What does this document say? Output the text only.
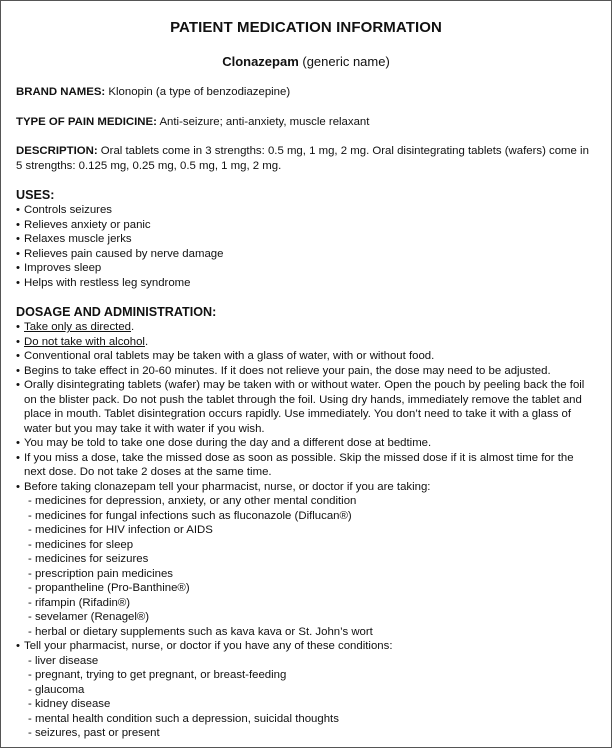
PATIENT MEDICATION INFORMATION
Clonazepam (generic name)

BRAND NAMES: Klonopin (a type of benzodiazepine)

TYPE OF PAIN MEDICINE: Anti-seizure; anti-anxiety, muscle relaxant

DESCRIPTION: Oral tablets come in 3 strengths: 0.5 mg, 1 mg, 2 mg. Oral disintegrating tablets (wafers) come in 5 strengths: 0.125 mg, 0.25 mg, 0.5 mg, 1 mg, 2 mg.

USES:
• Controls seizures
• Relieves anxiety or panic
• Relaxes muscle jerks
• Relieves pain caused by nerve damage
• Improves sleep
• Helps with restless leg syndrome
DOSAGE AND ADMINISTRATION:
• Take only as directed.
• Do not take with alcohol.
• Conventional oral tablets may be taken with a glass of water, with or without food.
• Begins to take effect in 20-60 minutes. If it does not relieve your pain, the dose may need to be adjusted.
• Orally disintegrating tablets (wafer) may be taken with or without water. Open the pouch by peeling back the foil on the blister pack. Do not push the tablet through the foil. Using dry hands, immediately remove the tablet and place in mouth. Tablet disintegration occurs rapidly. Use immediately. You don’t need to take it with a glass of water but you may take it with water if you wish.
• You may be told to take one dose during the day and a different dose at bedtime.
• If you miss a dose, take the missed dose as soon as possible. Skip the missed dose if it is almost time for the next dose. Do not take 2 doses at the same time.
• Before taking clonazepam tell your pharmacist, nurse, or doctor if you are taking:
- medicines for depression, anxiety, or any other mental condition
- medicines for fungal infections such as fluconazole (Diflucan®)
- medicines for HIV infection or AIDS
- medicines for sleep
- medicines for seizures
- prescription pain medicines
- propantheline (Pro-Banthine®)
- rifampin (Rifadin®)
- sevelamer (Renagel®)
- herbal or dietary supplements such as kava kava or St. John’s wort
• Tell your pharmacist, nurse, or doctor if you have any of these conditions:
- liver disease
- pregnant, trying to get pregnant, or breast-feeding
- glaucoma
- kidney disease
- mental health condition such a depression, suicidal thoughts
- seizures, past or present
